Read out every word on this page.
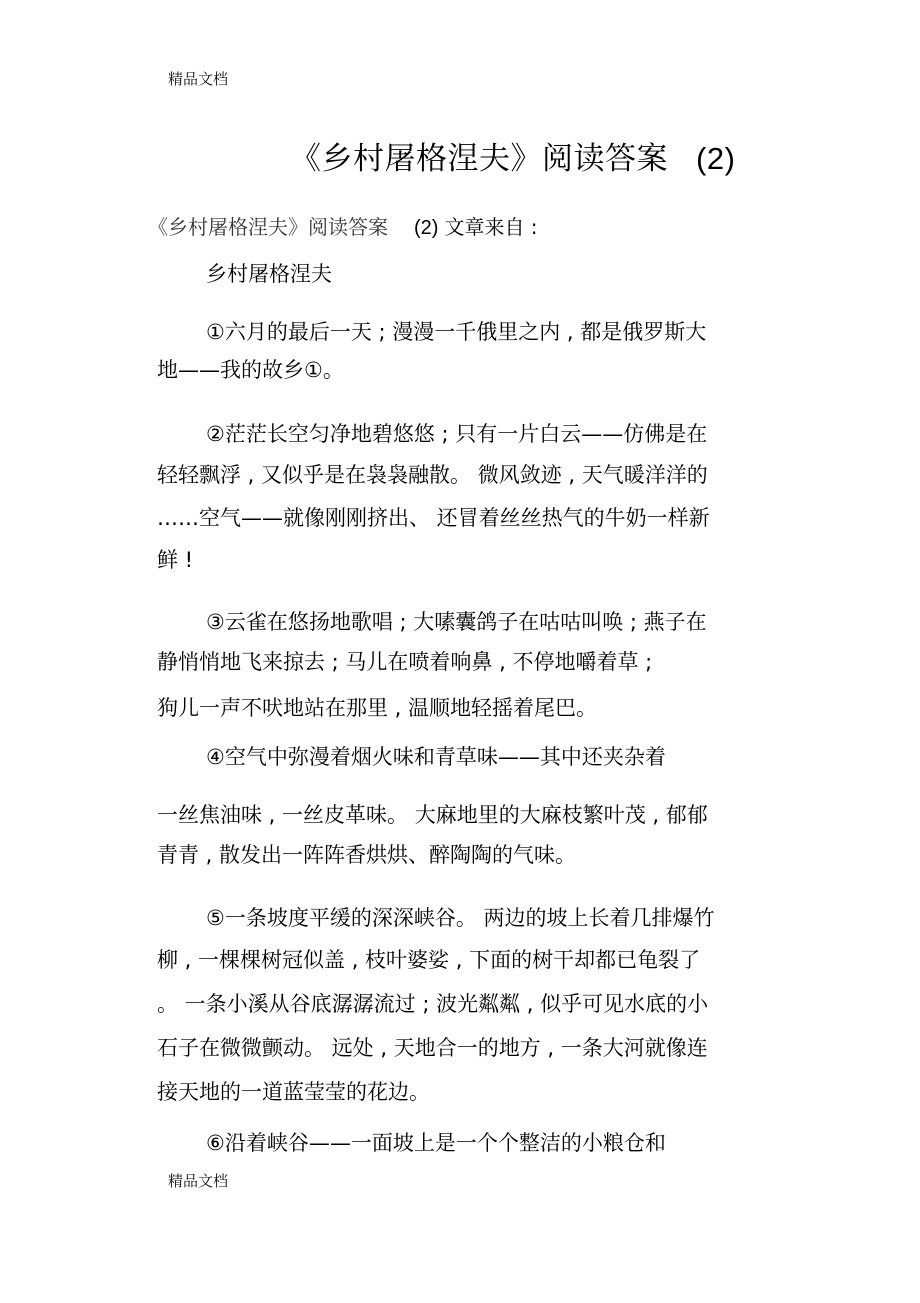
精品文档
《乡村屠格涅夫》阅读答案 (2)
《乡村屠格涅夫》阅读答案 (2) 文章来自 :
乡村屠格涅夫
①六月的最后一天 ; 漫漫一千俄里之内 , 都是俄罗斯大
地——我的故乡①。
②茫茫长空匀净地碧悠悠 ; 只有一片白云——仿佛是在
轻轻飘浮 , 又似乎是在袅袅融散。 微风敛迹 , 天气暖洋洋的
……空气——就像刚刚挤出、 还冒着丝丝热气的牛奶一样新
鲜 !
③云雀在悠扬地歌唱 ; 大嗉囊鸽子在咕咕叫唤 ; 燕子在
静悄悄地飞来掠去 ; 马儿在喷着响鼻 , 不停地嚼着草 ;
狗儿一声不吠地站在那里 , 温顺地轻摇着尾巴。
④空气中弥漫着烟火味和青草味——其中还夹杂着
一丝焦油味 , 一丝皮革味。 大麻地里的大麻枝繁叶茂 , 郁郁
青青 , 散发出一阵阵香烘烘、醉陶陶的气味。
⑤一条坡度平缓的深深峡谷。 两边的坡上长着几排爆竹
柳 , 一棵棵树冠似盖 , 枝叶婆娑 , 下面的树干却都已龟裂了
。 一条小溪从谷底潺潺流过 ; 波光粼粼 , 似乎可见水底的小
石子在微微颤动。 远处 , 天地合一的地方 , 一条大河就像连
接天地的一道蓝莹莹的花边。
⑥沿着峡谷——一面坡上是一个个整洁的小粮仓和
精品文档
